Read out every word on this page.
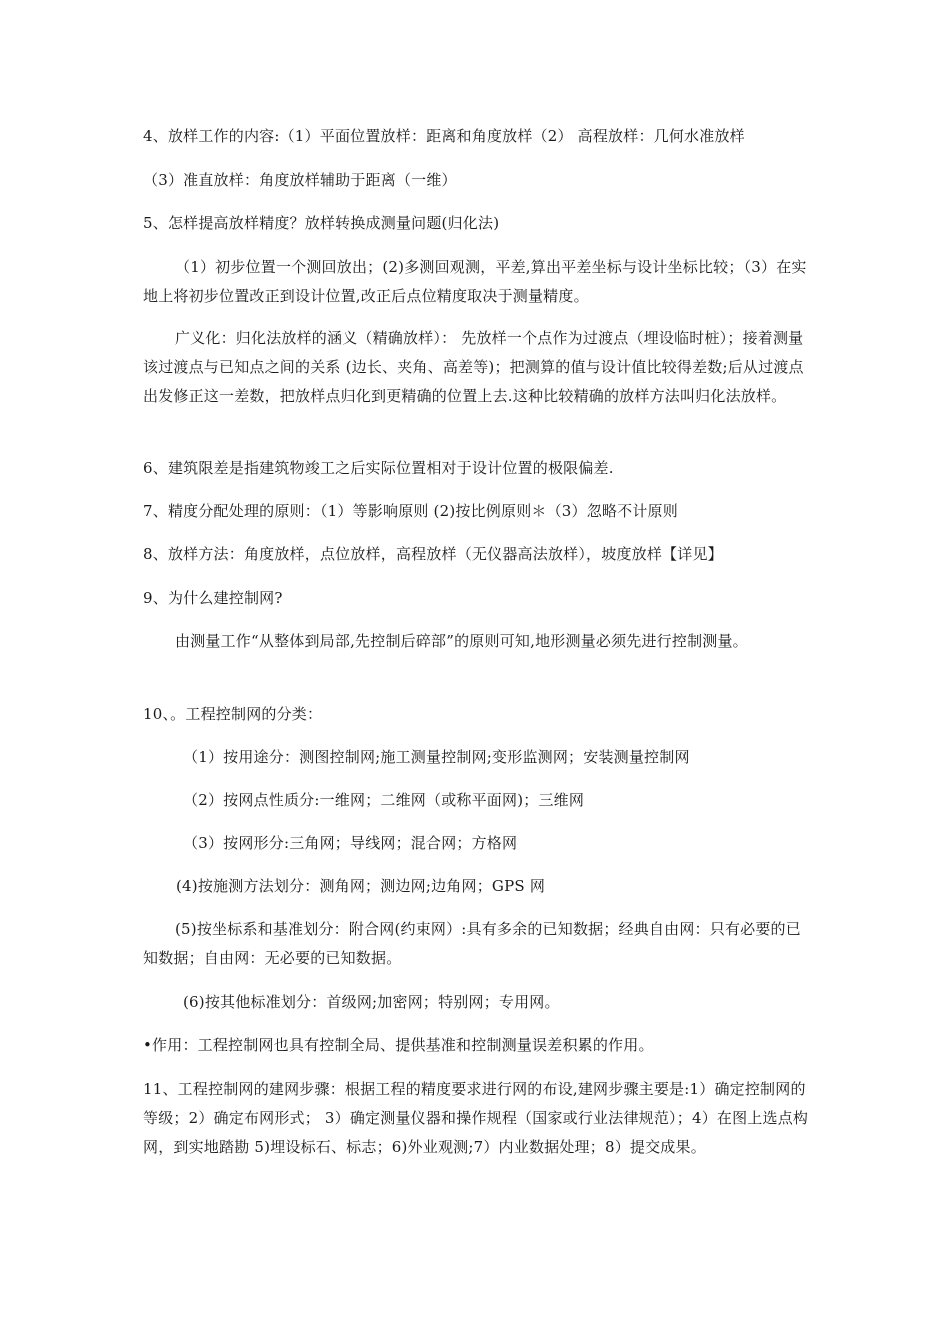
4、放样工作的内容:（1）平面位置放样：距离和角度放样（2） 高程放样：几何水准放样
（3）准直放样：角度放样辅助于距离（一维）
5、怎样提高放样精度？放样转换成测量问题(归化法)
（1）初步位置一个测回放出；(2)多测回观测，平差,算出平差坐标与设计坐标比较；（3）在实地上将初步位置改正到设计位置,改正后点位精度取决于测量精度。
广义化：归化法放样的涵义（精确放样）： 先放样一个点作为过渡点（埋设临时桩）；接着测量该过渡点与已知点之间的关系 (边长、夹角、高差等)；把测算的值与设计值比较得差数;后从过渡点出发修正这一差数，把放样点归化到更精确的位置上去.这种比较精确的放样方法叫归化法放样。
6、建筑限差是指建筑物竣工之后实际位置相对于设计位置的极限偏差.
7、精度分配处理的原则：（1）等影响原则 (2)按比例原则＊（3）忽略不计原则
8、放样方法：角度放样，点位放样，高程放样（无仪器高法放样），坡度放样【详见】
9、为什么建控制网?
由测量工作“从整体到局部,先控制后碎部”的原则可知,地形测量必须先进行控制测量。
10、。工程控制网的分类：
（1）按用途分：测图控制网;施工测量控制网;变形监测网；安装测量控制网
（2）按网点性质分:一维网；二维网（或称平面网)；三维网
（3）按网形分:三角网；导线网；混合网；方格网
(4)按施测方法划分：测角网；测边网;边角网；GPS 网
(5)按坐标系和基准划分：附合网(约束网）:具有多余的已知数据；经典自由网：只有必要的已知数据；自由网：无必要的已知数据。
(6)按其他标准划分：首级网;加密网；特别网；专用网。
•作用：工程控制网也具有控制全局、提供基准和控制测量误差积累的作用。
11、工程控制网的建网步骤：根据工程的精度要求进行网的布设,建网步骤主要是:1）确定控制网的等级；2）确定布网形式； 3）确定测量仪器和操作规程（国家或行业法律规范）；4）在图上选点构网，到实地踏勘 5)埋设标石、标志；6)外业观测;7）内业数据处理；8）提交成果。
